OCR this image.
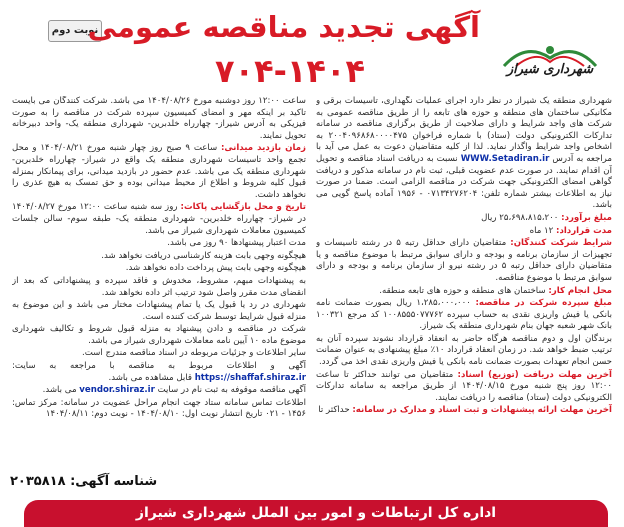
نوبت دوم
آگهی تجدید مناقصه عمومی
۷۰۴-۱۴۰۴	شهرداری شیراز

شهرداری منطقه یک شیراز در نظر دارد اجرای عملیات نگهداری، تاسیسات برقی و مکانیکی ساختمان های منطقه و حوزه های تابعه را از طریق مناقصه عمومی به شرکت های واجد شرایط و دارای صلاحیت از طریق برگزاری مناقصه در سامانه تدارکات الکترونیکی دولت (ستاد) با شماره فراخوان ۲۰۰۴۰۹۶۸۶۸۰۰۰۰۴۷۵ به اشخاص واجد شرایط واگذار نماید. لذا از کلیه متقاضیان دعوت به عمل می آید با مراجعه به آدرس WWW.Setadiran.ir نسبت به دریافت اسناد مناقصه و تحویل آن اقدام نمایند. در صورت عدم عضویت قبلی، ثبت نام در سامانه مذکور و دریافت گواهی امضای الکترونیکی جهت شرکت در مناقصه الزامی است. ضمنا در صورت نیاز به اطلاعات بیشتر شماره تلفن: ۰۷۱۳۴۲۷۶۲۰۴ - ۱۹۵۶ آماده پاسخ گویی می باشد.

مبلغ برآورد: ۲۵،۶۹۸،۸۱۵،۲۰۰ ریال

مدت قرارداد: ۱۲ ماه

شرایط شرکت کنندگان: متقاضیان دارای حداقل رتبه ۵ در رشته تاسیسات و تجهیزات از سازمان برنامه و بودجه و دارای سوابق مرتبط با موضوع مناقصه و یا متقاضیان دارای حداقل رتبه ۵ در رشته نیرو از سازمان برنامه و بودجه و دارای سوابق مرتبط با موضوع مناقصه.

محل انجام کار: ساختمان های منطقه و حوزه های تابعه منطقه.

مبلغ سپرده شرکت در مناقصه: ۱،۲۸۵،۰۰۰،۰۰۰ ریال بصورت ضمانت نامه بانکی یا فیش واریزی نقدی به حساب سپرده ۱۰۰۸۵۵۵۰۷۷۷۶۲ کد مرجع ۱۰۰۳۲۱ بانک شهر شعبه جهان بنام شهرداری منطقه یک شیراز.

برندگان اول و دوم مناقصه هرگاه حاضر به انعقاد قرارداد نشوند سپرده آنان به ترتیب ضبط خواهد شد. در زمان انعقاد قرارداد ۱۰٪ مبلغ پیشنهادی به عنوان ضمانت حسن انجام تعهدات بصورت ضمانت نامه بانکی یا فیش واریزی نقدی اخذ می گردد.

آخرین مهلت دریافت (توزیع) اسناد: متقاضیان می توانند حداکثر تا ساعت ۱۲:۰۰ روز پنج شنبه مورخ ۱۴۰۴/۰۸/۱۵ از طریق مراجعه به سامانه تدارکات الکترونیکی دولت (ستاد) مناقصه را دریافت نمایند.

آخرین مهلت ارائه پیشنهادات و ثبت اسناد و مدارک در سامانه: حداکثر تا

ساعت ۱۲:۰۰ روز دوشنبه مورخ ۱۴۰۴/۰۸/۲۶ می باشد. شرکت کنندگان می بایست تاکید بر اینکه مهر و امضای کمیسیون سپرده شرکت در مناقصه را به صورت فیزیکی به آدرس شیراز- چهارراه خلدبرین- شهرداری منطقه یک- واحد دبیرخانه تحویل نمایند.

زمان بازدید میدانی: ساعت ۹ صبح روز چهار شنبه مورخ ۱۴۰۴/۰۸/۲۱ و محل تجمع واحد تاسیسات شهرداری منطقه یک واقع در شیراز- چهارراه خلدبرین- شهرداری منطقه یک می باشد. عدم حضور در بازدید میدانی، برای پیمانکار بمنزله قبول کلیه شروط و اطلاع از محیط میدانی بوده و حق تمسک به هیچ عذری را نخواهد داشت.

تاریخ و محل بازگشایی پاکات: روز سه شنبه ساعت ۱۲:۰۰ مورخ ۱۴۰۴/۰۸/۲۷ در شیراز- چهارراه خلدبرین- شهرداری منطقه یک- طبقه سوم- سالن جلسات کمیسیون معاملات شهرداری شیراز می باشد.

مدت اعتبار پیشنهادها ۹۰ روز می باشد.

هیچگونه وجهی بابت هزینه کارشناسی دریافت نخواهد شد.

هیچگونه وجهی بابت پیش پرداخت داده نخواهد شد.

به پیشنهادات مبهم، مشروط، مخدوش و فاقد سپرده و پیشنهاداتی که بعد از انقضای مدت مقرر واصل شود ترتیب اثر داده نخواهد شد.

شهرداری در رد یا قبول یک یا تمام پیشنهادات مختار می باشد و این موضوع به منزله قبول شرایط توسط شرکت کننده است.

شرکت در مناقصه و دادن پیشنهاد به منزله قبول شروط و تکالیف شهرداری موضوع ماده ۱۰ آیین نامه معاملات شهرداری شیراز می باشد.

سایر اطلاعات و جزئیات مربوطه در اسناد مناقصه مندرج است.

آگهی و اطلاعات مربوط به مناقصه با مراجعه به سایت: https://shaffaf.shiraz.ir قابل مشاهده می باشد.

آگهی مناقصه موقوفه به ثبت نام در سایت vendor.shiraz.ir می باشد.

اطلاعات تماس سامانه ستاد جهت انجام مراحل عضویت در سامانه: مرکز تماس: ۱۴۵۶ - ۰۲۱ تاریخ انتشار نوبت اول: ۱۴۰۴/۰۸/۱۰ - نوبت دوم: ۱۴۰۴/۰۸/۱۱

شناسه آگهی: ۲۰۳۵۸۱۸
اداره کل ارتباطات و امور بین الملل شهرداری شیراز
